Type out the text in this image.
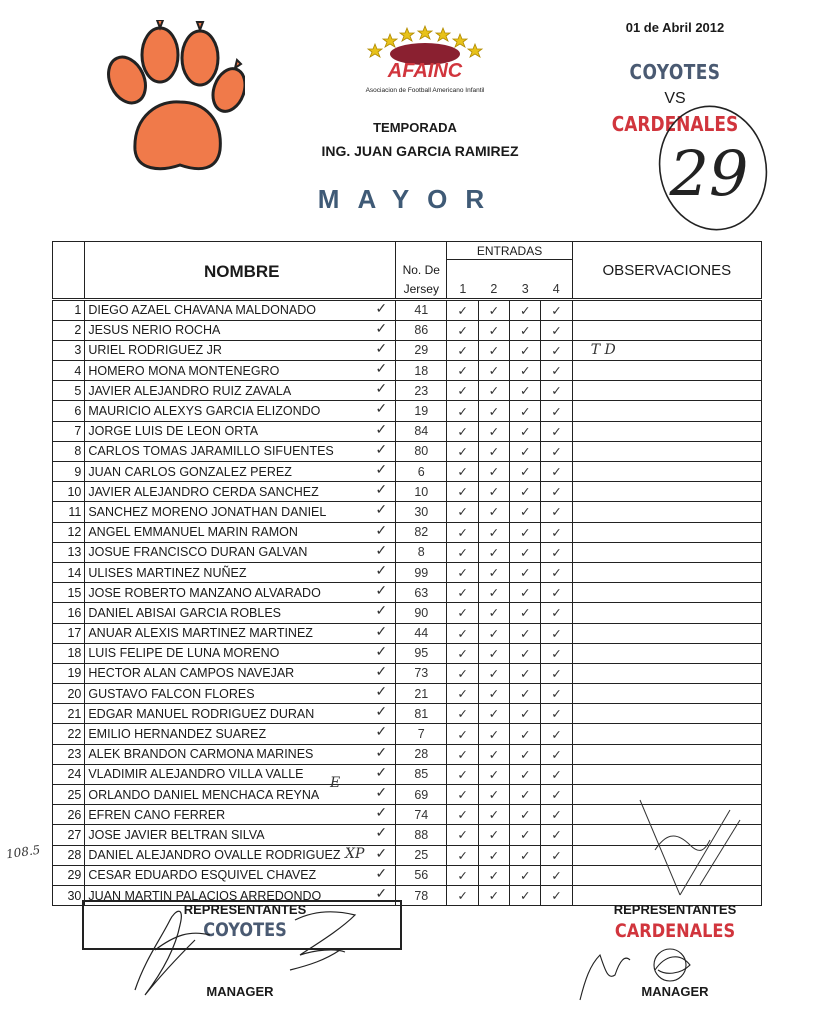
AFAINC
Asociacion de Football Americano Infantil
01 de Abril 2012
COYOTES
VS
CARDENALES
29
TEMPORADA
ING. JUAN GARCIA RAMIREZ
MAYOR
	NOMBRE		ENTRADAS				OBSERVACIONES
		No. De	1	2	3	4	
		Jersey					
1	DIEGO AZAEL CHAVANA MALDONADO ✓	41	✓	✓	✓	✓	
2	JESUS NERIO ROCHA ✓	86	✓	✓	✓	✓	
3	URIEL RODRIGUEZ JR ✓	29	✓	✓	✓	✓	T D
4	HOMERO MONA MONTENEGRO ✓	18	✓	✓	✓	✓	
5	JAVIER ALEJANDRO RUIZ ZAVALA ✓	23	✓	✓	✓	✓	
6	MAURICIO ALEXYS GARCIA ELIZONDO ✓	19	✓	✓	✓	✓	
7	JORGE LUIS DE LEON ORTA ✓	84	✓	✓	✓	✓	
8	CARLOS TOMAS JARAMILLO SIFUENTES ✓	80	✓	✓	✓	✓	
9	JUAN CARLOS GONZALEZ PEREZ ✓	6	✓	✓	✓	✓	
10	JAVIER ALEJANDRO CERDA SANCHEZ ✓	10	✓	✓	✓	✓	
11	SANCHEZ MORENO JONATHAN DANIEL ✓	30	✓	✓	✓	✓	
12	ANGEL EMMANUEL MARIN RAMON ✓	82	✓	✓	✓	✓	
13	JOSUE FRANCISCO DURAN GALVAN ✓	8	✓	✓	✓	✓	
14	ULISES MARTINEZ NUÑEZ ✓	99	✓	✓	✓	✓	
15	JOSE ROBERTO MANZANO ALVARADO ✓	63	✓	✓	✓	✓	
16	DANIEL ABISAI GARCIA ROBLES ✓	90	✓	✓	✓	✓	
17	ANUAR ALEXIS MARTINEZ MARTINEZ ✓	44	✓	✓	✓	✓	
18	LUIS FELIPE DE LUNA MORENO ✓	95	✓	✓	✓	✓	
19	HECTOR ALAN CAMPOS NAVEJAR ✓	73	✓	✓	✓	✓	
20	GUSTAVO FALCON FLORES ✓	21	✓	✓	✓	✓	
21	EDGAR MANUEL RODRIGUEZ DURAN ✓	81	✓	✓	✓	✓	
22	EMILIO HERNANDEZ SUAREZ ✓	7	✓	✓	✓	✓	
23	ALEK BRANDON CARMONA MARINES ✓	28	✓	✓	✓	✓	
24	VLADIMIR ALEJANDRO VILLA VALLE ✓	85	✓	✓	✓	✓	
25	ORLANDO DANIEL MENCHACA REYNA ✓	69	✓	✓	✓	✓	
26	EFREN CANO FERRER ✓	74	✓	✓	✓	✓	
27	JOSE JAVIER BELTRAN SILVA ✓	88	✓	✓	✓	✓	
28	DANIEL ALEJANDRO OVALLE RODRIGUEZ ✓	25	✓	✓	✓	✓	
29	CESAR EDUARDO ESQUIVEL CHAVEZ ✓	56	✓	✓	✓	✓	
30	JUAN MARTIN PALACIOS ARREDONDO ✓	78	✓	✓	✓	✓	
E
108.5	XP
REPRESENTANTES
COYOTES
MANAGER
REPRESENTANTES
CARDENALES
MANAGER
